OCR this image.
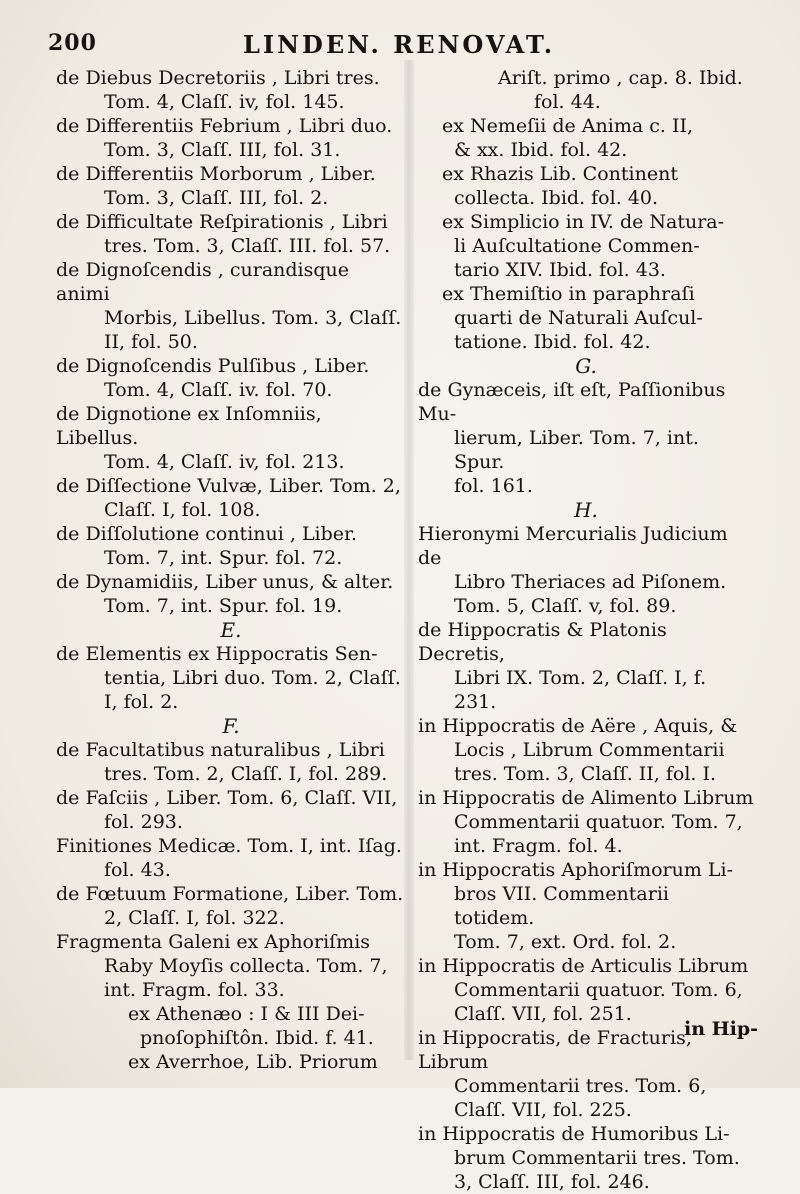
200	LINDEN. RENOVAT.
de Diebus Decretoriis , Libri tres.
Tom. 4, Claſſ. iv, fol. 145.
de Differentiis Febrium , Libri duo.
Tom. 3, Claſſ. III, fol. 31.
de Differentiis Morborum , Liber.
Tom. 3, Claſſ. III, fol. 2.
de Difficultate Reſpirationis , Libri
tres. Tom. 3, Claſſ. III. fol. 57.
de Dignoſcendis , curandisque animi
Morbis, Libellus. Tom. 3, Claſſ.
II, fol. 50.
de Dignoſcendis Pulſibus , Liber.
Tom. 4, Claſſ. iv. fol. 70.
de Dignotione ex Inſomniis, Libellus.
Tom. 4, Claſſ. iv, fol. 213.
de Diſſectione Vulvæ, Liber. Tom. 2,
Claſſ. I, fol. 108.
de Diſſolutione continui , Liber.
Tom. 7, int. Spur. fol. 72.
de Dynamidiis, Liber unus, & alter.
Tom. 7, int. Spur. fol. 19.

E.

de Elementis ex Hippocratis Sen-
tentia, Libri duo. Tom. 2, Claſſ.
I, fol. 2.

F.

de Facultatibus naturalibus , Libri
tres. Tom. 2, Claſſ. I, fol. 289.
de Faſciis , Liber. Tom. 6, Claſſ. VII,
fol. 293.
Finitiones Medicæ. Tom. I, int. Iſag.
fol. 43.
de Fœtuum Formatione, Liber. Tom.
2, Claſſ. I, fol. 322.
Fragmenta Galeni ex Aphoriſmis
Raby Moyſis collecta. Tom. 7,
int. Fragm. fol. 33.
ex Athenæo : I & III Dei-
pnoſophiſtôn. Ibid. f. 41.
ex Averrhoe, Lib. Priorum
Ariſt. primo , cap. 8. Ibid.
fol. 44.
ex Nemeſii de Anima c. II,
& xx. Ibid. fol. 42.
ex Rhazis Lib. Continent
collecta. Ibid. fol. 40.
ex Simplicio in IV. de Natura-
li Auſcultatione Commen-
tario XIV. Ibid. fol. 43.
ex Themiſtio in paraphraſi
quarti de Naturali Auſcul-
tatione. Ibid. fol. 42.

G.

de Gynæceis, iſt eſt, Paſſionibus Mu-
lierum, Liber. Tom. 7, int. Spur.
fol. 161.

H.

Hieronymi Mercurialis Judicium de
Libro Theriaces ad Piſonem.
Tom. 5, Claſſ. v, fol. 89.
de Hippocratis & Platonis Decretis,
Libri IX. Tom. 2, Claſſ. I, f. 231.
in Hippocratis de Aëre , Aquis, &
Locis , Librum Commentarii
tres. Tom. 3, Claſſ. II, fol. I.
in Hippocratis de Alimento Librum
Commentarii quatuor. Tom. 7,
int. Fragm. fol. 4.
in Hippocratis Aphoriſmorum Li-
bros VII. Commentarii totidem.
Tom. 7, ext. Ord. fol. 2.
in Hippocratis de Articulis Librum
Commentarii quatuor. Tom. 6,
Claſſ. VII, fol. 251.
in Hippocratis, de Fracturis, Librum
Commentarii tres. Tom. 6,
Claſſ. VII, fol. 225.
in Hippocratis de Humoribus Li-
brum Commentarii tres. Tom.
3, Claſſ. III, fol. 246.
in Hip-
